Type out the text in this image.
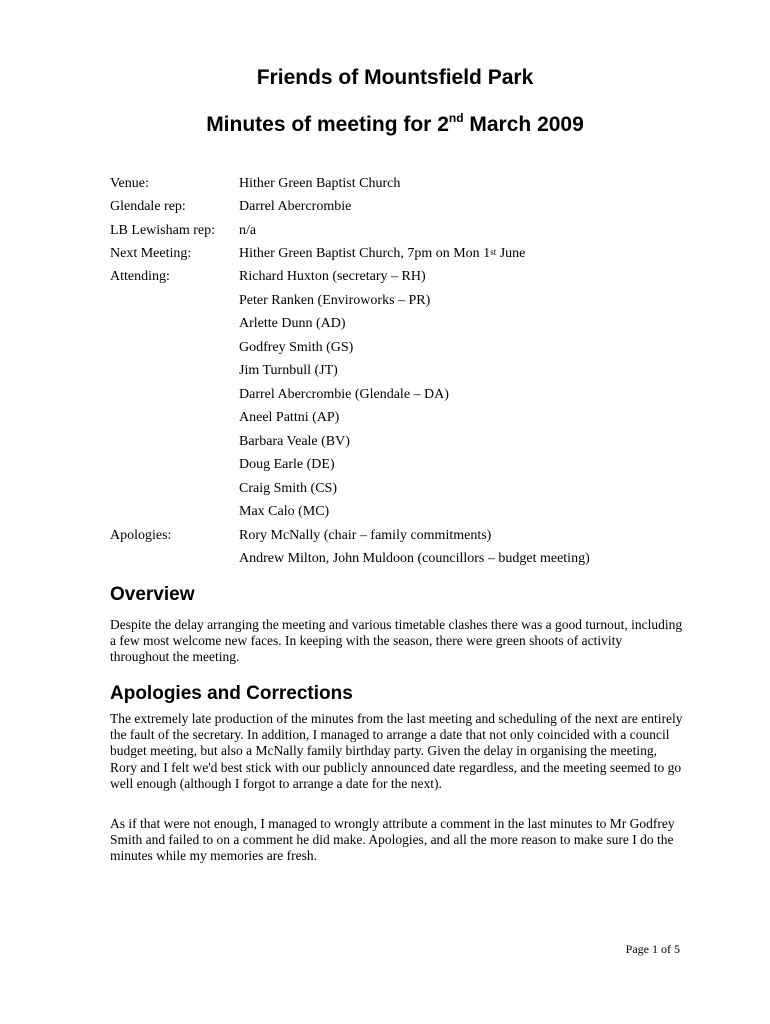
Friends of Mountsfield Park
Minutes of meeting for 2nd March 2009
Venue:	Hither Green Baptist Church
Glendale rep:	Darrel Abercrombie
LB Lewisham rep: n/a
Next Meeting:	Hither Green Baptist Church, 7pm on Mon 1st June
Attending:	Richard Huxton (secretary – RH)
Peter Ranken (Enviroworks – PR)
Arlette Dunn (AD)
Godfrey Smith (GS)
Jim Turnbull (JT)
Darrel Abercrombie (Glendale – DA)
Aneel Pattni (AP)
Barbara Veale (BV)
Doug Earle (DE)
Craig Smith (CS)
Max Calo (MC)
Apologies:	Rory McNally (chair – family commitments)
Andrew Milton, John Muldoon (councillors – budget meeting)
Overview

Despite the delay arranging the meeting and various timetable clashes there was a good turnout, including a few most welcome new faces. In keeping with the season, there were green shoots of activity throughout the meeting.

Apologies and Corrections

The extremely late production of the minutes from the last meeting and scheduling of the next are entirely the fault of the secretary. In addition, I managed to arrange a date that not only coincided with a council budget meeting, but also a McNally family birthday party. Given the delay in organising the meeting, Rory and I felt we'd best stick with our publicly announced date regardless, and the meeting seemed to go well enough (although I forgot to arrange a date for the next).

As if that were not enough, I managed to wrongly attribute a comment in the last minutes to Mr Godfrey Smith and failed to on a comment he did make. Apologies, and all the more reason to make sure I do the minutes while my memories are fresh.

Page 1 of 5
